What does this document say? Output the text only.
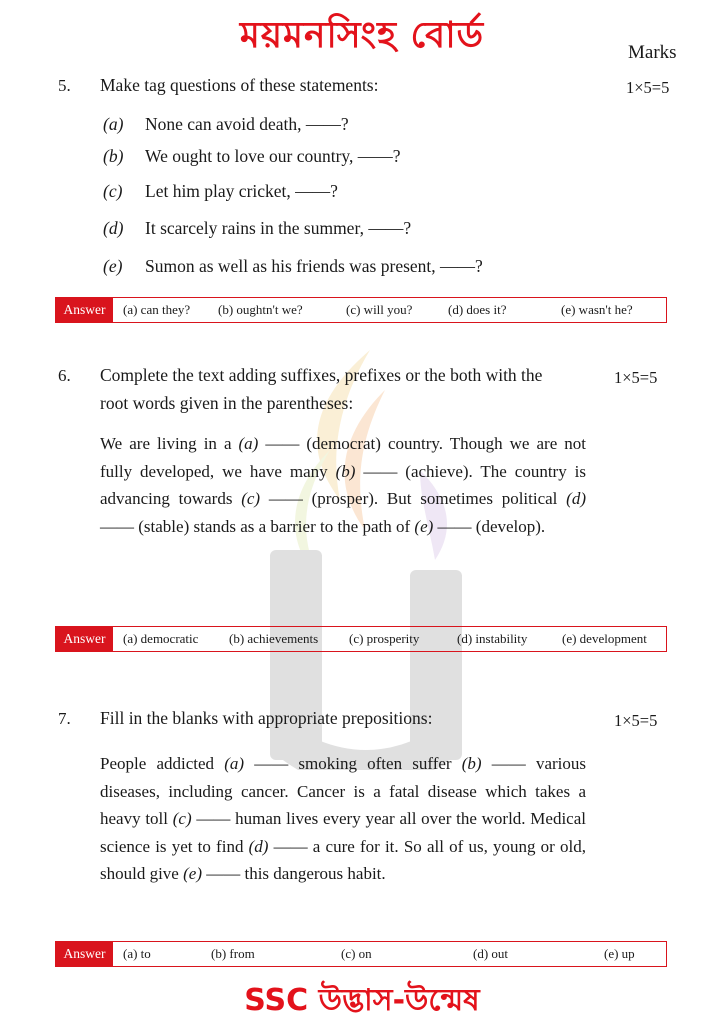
ময়মনসিংহ বোর্ড	Marks
5. Make tag questions of these statements:	1×5=5
(a) None can avoid death, ——?
(b) We ought to love our country, ——?
(c) Let him play cricket, ——?
(d) It scarcely rains in the summer, ——?
(e) Sumon as well as his friends was present, ——?
Answer	(a) can they? (b) oughtn't we?	(c) will you?	(d) does it?	(e) wasn't he?
6. Complete the text adding suffixes, prefixes or the both with the
root words given in the parentheses:
1×5=5
We are living in a (a) —— (democrat) country. Though we are not fully developed, we have many (b) —— (achieve). The country is advancing towards (c) —— (prosper). But sometimes political (d) —— (stable) stands as a barrier to the path of (e) —— (develop).
Answer	(a) democratic (b) achievements (c) prosperity	(d) instability	(e) development
7. Fill in the blanks with appropriate prepositions:	1×5=5
People addicted (a) —— smoking often suffer (b) —— various diseases, including cancer. Cancer is a fatal disease which takes a heavy toll (c) —— human lives every year all over the world. Medical science is yet to find (d) —— a cure for it. So all of us, young or old, should give (e) —— this dangerous habit.
Answer	(a) to	(b) from	(c) on	(d) out	(e) up
SSC উদ্ভাস-উন্মেষ
